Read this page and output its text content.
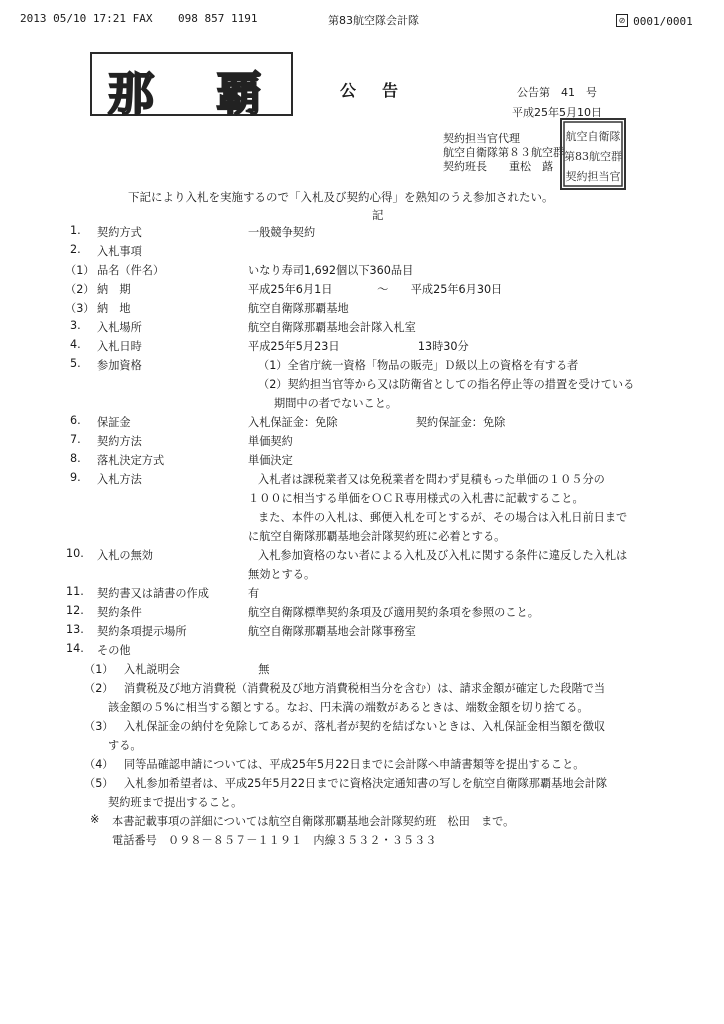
2013 05/10 17:21 FAX 098 857 1191	第83航空隊会計隊	⊘ 0001/0001
那 覇	公告	公告第　 41　 号
平成25年5月10日
契約担当官代理
航空自衛隊第８３航空群
契約班長　　 重松　蕗
航空自衛隊
第83航空群
契約担当官
下記により入札を実施するので「入札及び契約心得」を熟知のうえ参加されたい。
記
1. 契約方式	一般競争契約
2. 入札事項
（1） 品名（件名）	いなり寿司1,692個以下360品目
（2） 納　期	平成25年6月1日　　　　～　　平成25年6月30日
（3） 納　地	航空自衛隊那覇基地
3. 入札場所	航空自衛隊那覇基地会計隊入札室
4. 入札日時	平成25年5月23日　　　　　　　13時30分
5. 参加資格	（1）全省庁統一資格「物品の販売」Ｄ級以上の資格を有する者
（2）契約担当官等から又は防衛省としての指名停止等の措置を受けている
期間中の者でないこと。
6. 保証金	入札保証金：免除　　　　　　　契約保証金：免除
7. 契約方法	単価契約
8. 落札決定方式	単価決定
9. 入札方法	入札者は課税業者又は免税業者を問わず見積もった単価の１０５分の
１００に相当する単価をＯＣＲ専用様式の入札書に記載すること。
また、本件の入札は、郵便入札を可とするが、その場合は入札日前日まで
に航空自衛隊那覇基地会計隊契約班に必着とする。
10. 入札の無効	入札参加資格のない者による入札及び入札に関する条件に違反した入札は
無効とする。
11. 契約書又は請書の作成	有
12. 契約条件	航空自衛隊標準契約条項及び適用契約条項を参照のこと。
13. 契約条項提示場所	航空自衛隊那覇基地会計隊事務室
14. その他
（1） 入札説明会　　　　　　　無
（2） 消費税及び地方消費税（消費税及び地方消費税相当分を含む）は、請求金額が確定した段階で当
該金額の５%に相当する額とする。なお、円未満の端数があるときは、端数金額を切り捨てる。
（3） 入札保証金の納付を免除してあるが、落札者が契約を結ばないときは、入札保証金相当額を徴収
する。
（4） 同等品確認申請については、平成25年5月22日までに会計隊へ申請書類等を提出すること。
（5） 入札参加希望者は、平成25年5月22日までに資格決定通知書の写しを航空自衛隊那覇基地会計隊
契約班まで提出すること。
※ 本書記載事項の詳細については航空自衛隊那覇基地会計隊契約班　松田　まで。
電話番号　０９８－８５７－１１９１　内線３５３２・３５３３
